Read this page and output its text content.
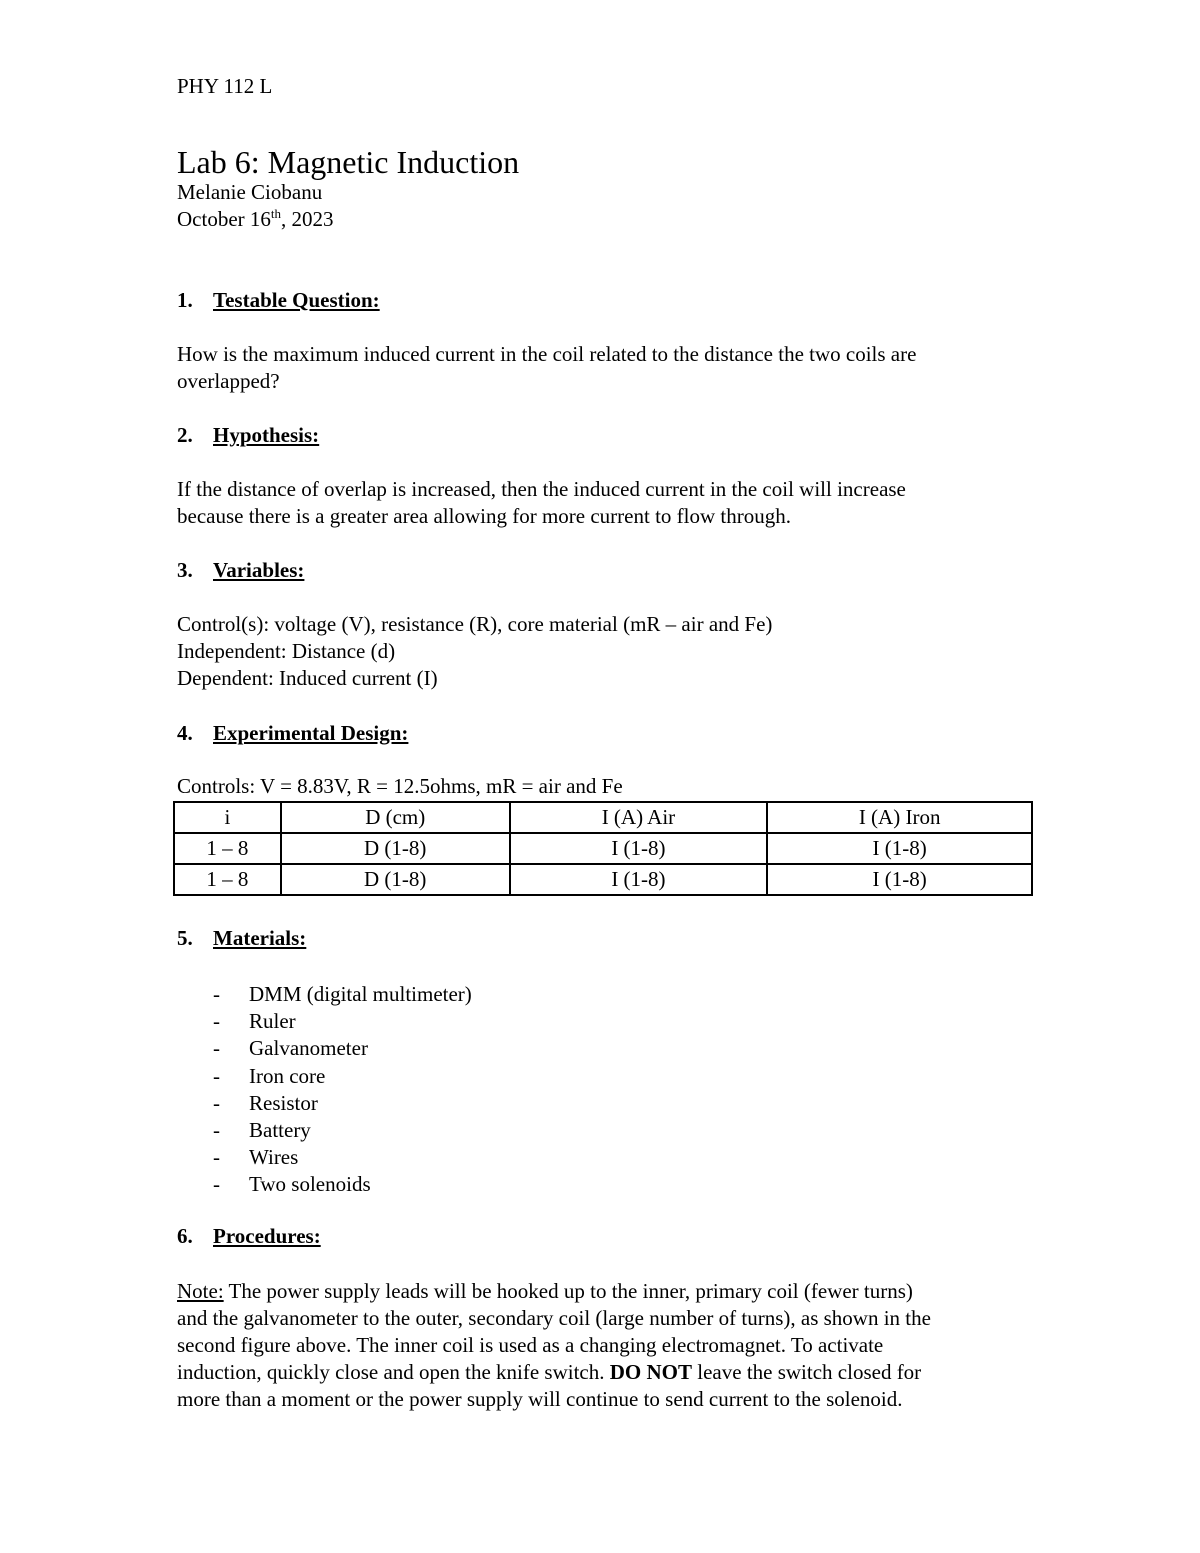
PHY 112 L
Lab 6: Magnetic Induction
Melanie Ciobanu
October 16th, 2023
1. Testable Question:
How is the maximum induced current in the coil related to the distance the two coils are
overlapped?
2. Hypothesis:
If the distance of overlap is increased, then the induced current in the coil will increase
because there is a greater area allowing for more current to flow through.
3. Variables:
Control(s): voltage (V), resistance (R), core material (mR – air and Fe)
Independent: Distance (d)
Dependent: Induced current (I)
4. Experimental Design:
Controls: V = 8.83V, R = 12.5ohms, mR = air and Fe
i	D (cm)	I (A) Air	I (A) Iron
1 – 8	D (1-8)	I (1-8)	I (1-8)
1 – 8	D (1-8)	I (1-8)	I (1-8)
5. Materials:
- DMM (digital multimeter)
- Ruler
- Galvanometer
- Iron core
- Resistor
- Battery
- Wires
- Two solenoids
6. Procedures:
Note: The power supply leads will be hooked up to the inner, primary coil (fewer turns)
and the galvanometer to the outer, secondary coil (large number of turns), as shown in the
second figure above. The inner coil is used as a changing electromagnet. To activate
induction, quickly close and open the knife switch. DO NOT leave the switch closed for
more than a moment or the power supply will continue to send current to the solenoid.
